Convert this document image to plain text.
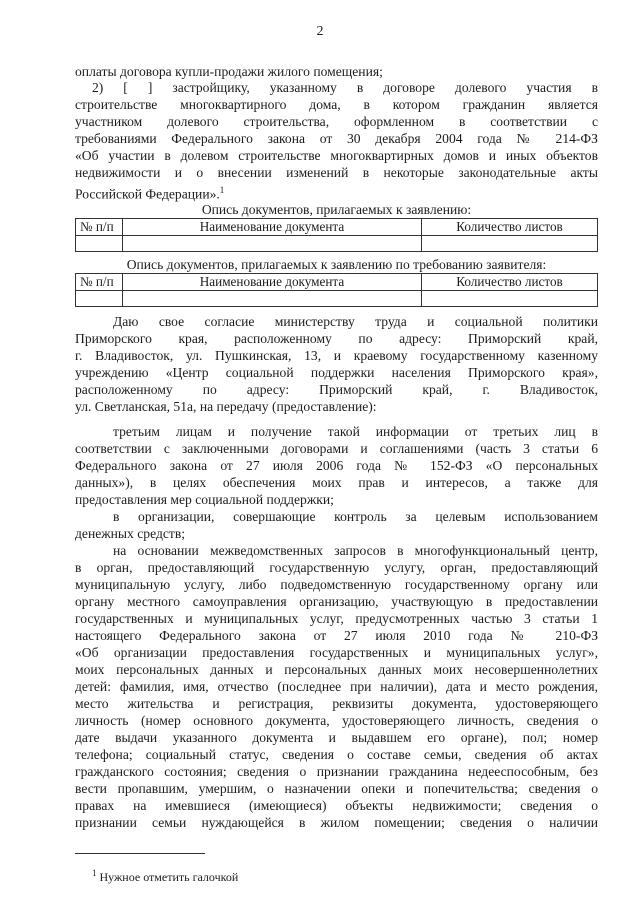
2
оплаты договора купли-продажи жилого помещения;
2) [ ] застройщику, указанному в договоре долевого участия в
строительстве многоквартирного дома, в котором гражданин является
участником долевого строительства, оформленном в соответствии с
требованиями Федерального закона от 30 декабря 2004 года № 214-ФЗ
«Об участии в долевом строительстве многоквартирных домов и иных объектов
недвижимости и о внесении изменений в некоторые законодательные акты
Российской Федерации».$^1$
Опись документов, прилагаемых к заявлению:
№ п/п	Наименование документа	Количество листов

Опись документов, прилагаемых к заявлению по требованию заявителя:
№ п/п	Наименование документа	Количество листов

Даю свое согласие министерству труда и социальной политики
Приморского края, расположенному по адресу: Приморский край,
г. Владивосток, ул. Пушкинская, 13, и краевому государственному казенному
учреждению «Центр социальной поддержки населения Приморского края»,
расположенному по адресу: Приморский край, г. Владивосток,
ул. Светланская, 51а, на передачу (предоставление):
третьим лицам и получение такой информации от третьих лиц в
соответствии с заключенными договорами и соглашениями (часть 3 статьи 6
Федерального закона от 27 июля 2006 года № 152-ФЗ «О персональных
данных»), в целях обеспечения моих прав и интересов, а также для
предоставления мер социальной поддержки;
в организации, совершающие контроль за целевым использованием
денежных средств;
на основании межведомственных запросов в многофункциональный центр,
в орган, предоставляющий государственную услугу, орган, предоставляющий
муниципальную услугу, либо подведомственную государственному органу или
органу местного самоуправления организацию, участвующую в предоставлении
государственных и муниципальных услуг, предусмотренных частью 3 статьи 1
настоящего Федерального закона от 27 июля 2010 года № 210-ФЗ
«Об организации предоставления государственных и муниципальных услуг»,
моих персональных данных и персональных данных моих несовершеннолетних
детей: фамилия, имя, отчество (последнее при наличии), дата и место рождения,
место жительства и регистрация, реквизиты документа, удостоверяющего
личность (номер основного документа, удостоверяющего личность, сведения о
дате выдачи указанного документа и выдавшем его органе), пол; номер
телефона; социальный статус, сведения о составе семьи, сведения об актах
гражданского состояния; сведения о признании гражданина недееспособным, без
вести пропавшим, умершим, о назначении опеки и попечительства; сведения о
правах на имевшиеся (имеющиеся) объекты недвижимости; сведения о
признании семьи нуждающейся в жилом помещении; сведения о наличии
$^1$ Нужное отметить галочкой
